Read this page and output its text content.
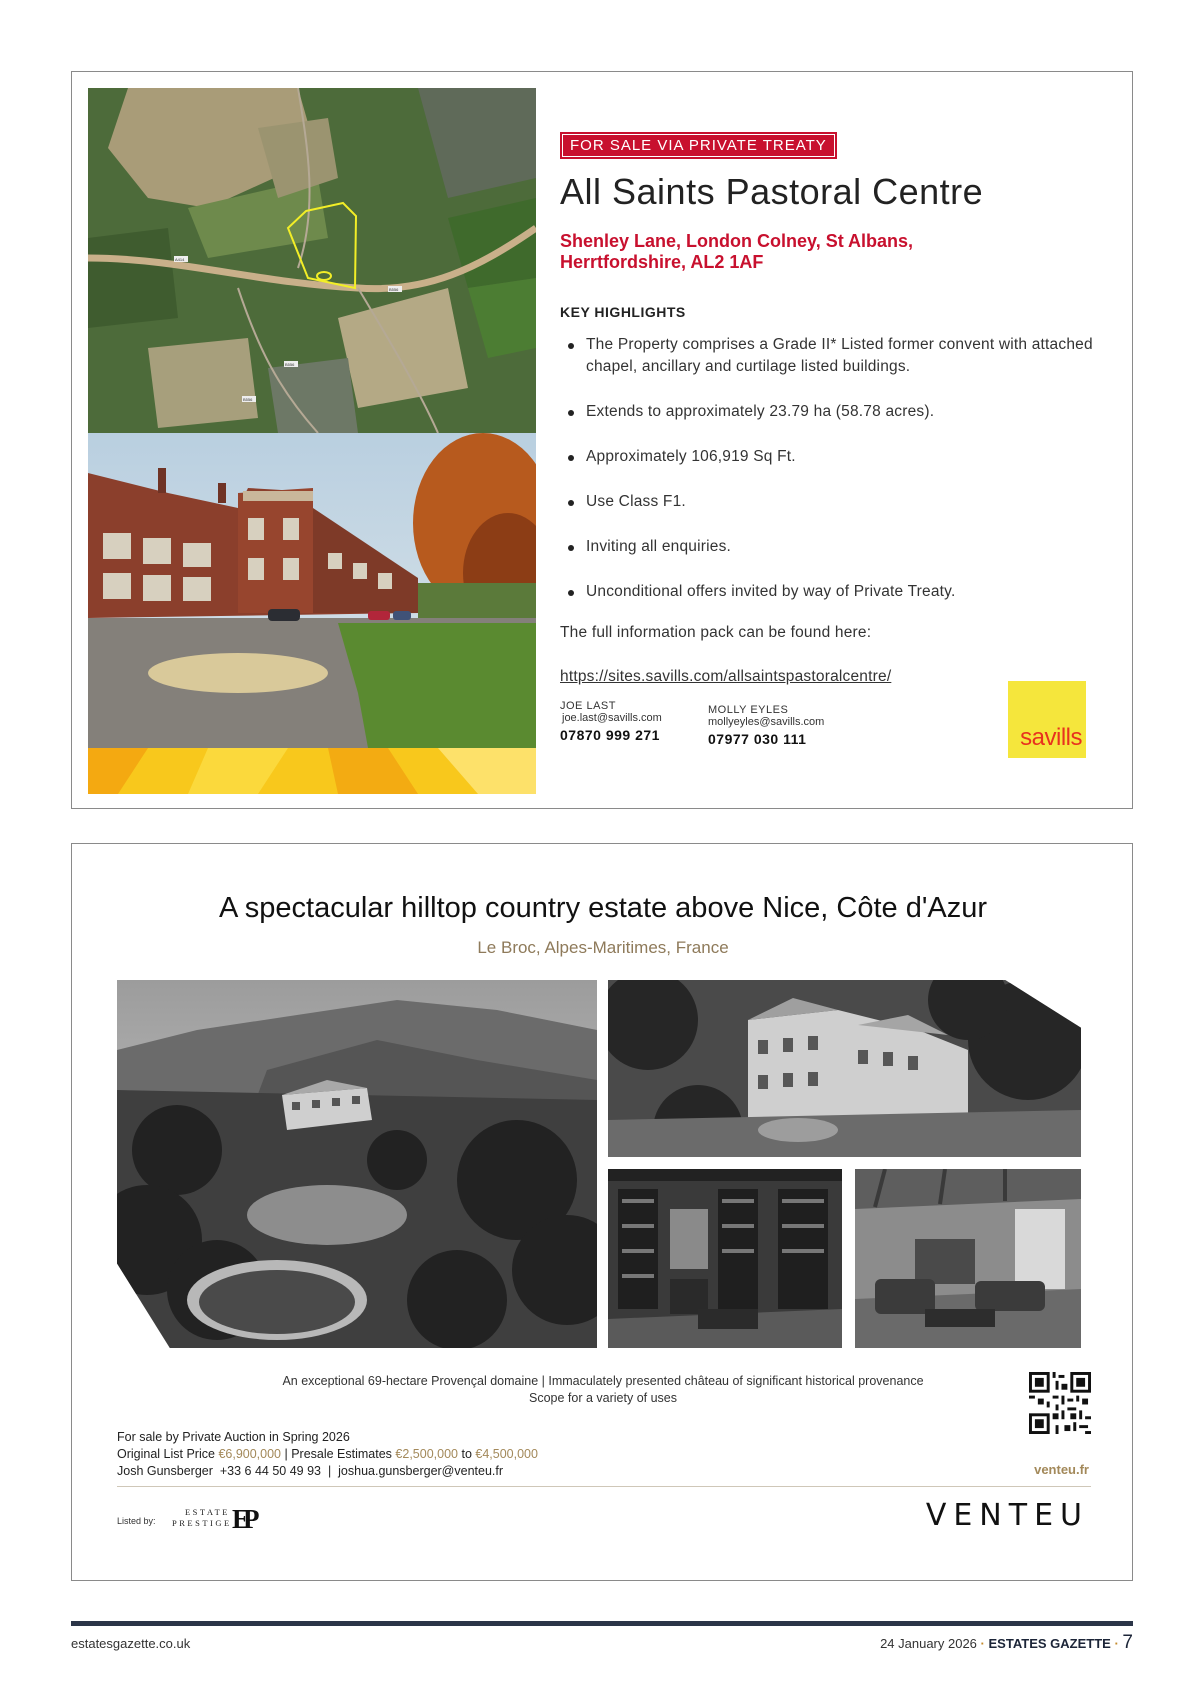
A414
B556
B556
B556
FOR SALE VIA PRIVATE TREATY
All Saints Pastoral Centre
Shenley Lane, London Colney, St Albans,
Herrtfordshire, AL2 1AF
KEY HIGHLIGHTS
The Property comprises a Grade II* Listed former convent with attached chapel, ancillary and curtilage listed buildings.
Extends to approximately 23.79 ha (58.78 acres).
Approximately 106,919 Sq Ft.
Use Class F1.
Inviting all enquiries.
Unconditional offers invited by way of Private Treaty.
The full information pack can be found here:
https://sites.savills.com/allsaintspastoralcentre/
JOE LAST
joe.last@savills.com
07870 999 271
MOLLY EYLES
mollyeyles@savills.com
07977 030 111	savills
A spectacular hilltop country estate above Nice, Côte d'Azur
Le Broc, Alpes-Maritimes, France
An exceptional 69-hectare Provençal domaine | Immaculately presented château of significant historical provenance
Scope for a variety of uses
For sale by Private Auction in Spring 2026
Original List Price €6,900,000 | Presale Estimates €2,500,000 to €4,500,000
Josh Gunsberger +33 6 44 50 49 93 | joshua.gunsberger@venteu.fr	venteu.fr
Listed by:
ESTATE
PRESTIGE EP	VENTEU
estatesgazette.co.uk	24 January 2026 · ESTATES GAZETTE · 7
